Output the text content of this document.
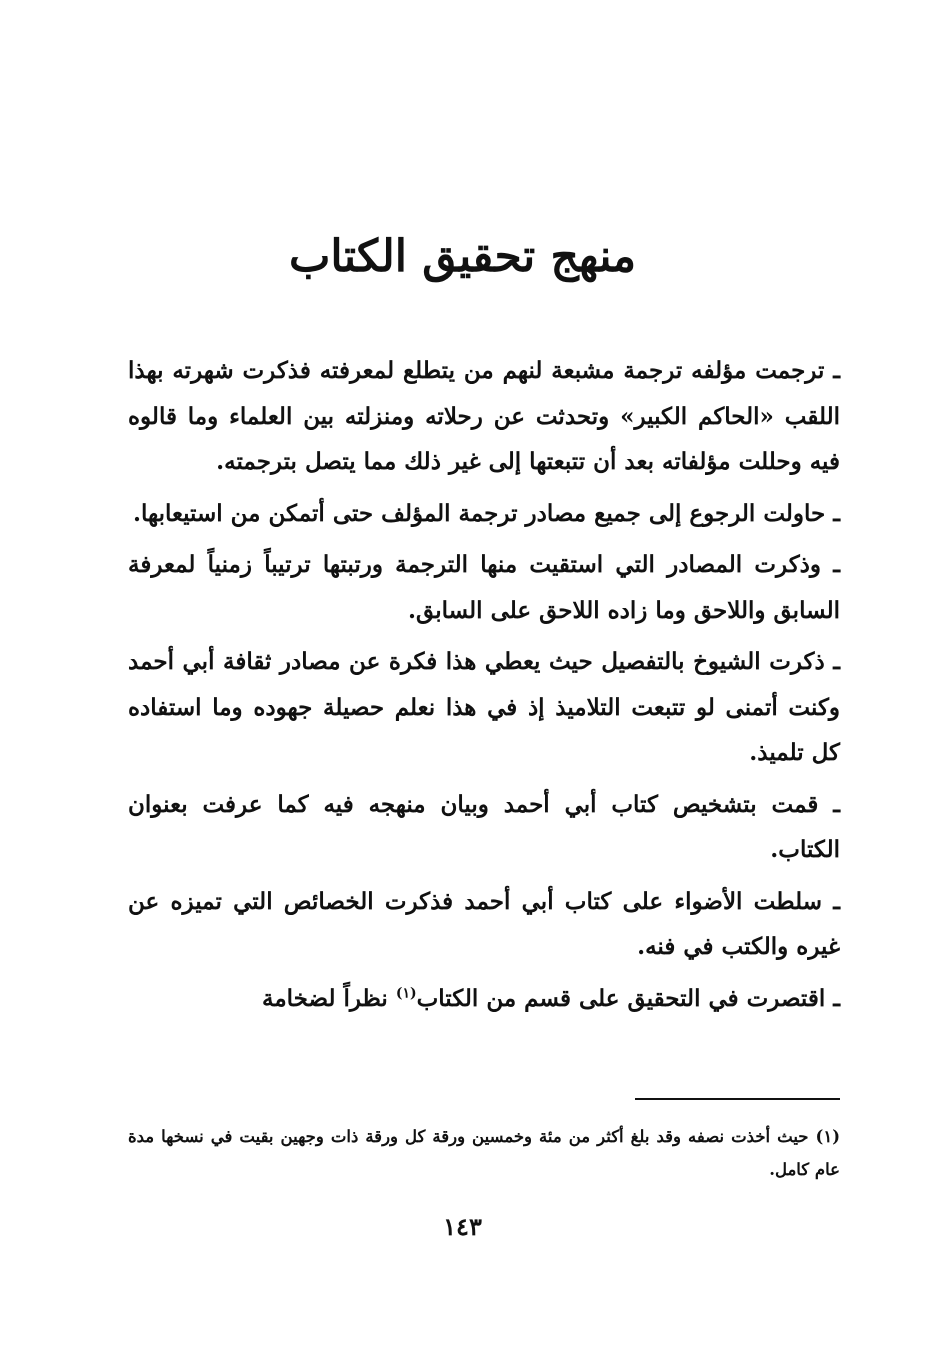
منهج تحقيق الكتاب

ـ ترجمت مؤلفه ترجمة مشبعة لنهم من يتطلع لمعرفته فذكرت شهرته بهذا اللقب «الحاكم الكبير» وتحدثت عن رحلاته ومنزلته بين العلماء وما قالوه فيه وحللت مؤلفاته بعد أن تتبعتها إلى غير ذلك مما يتصل بترجمته.

ـ حاولت الرجوع إلى جميع مصادر ترجمة المؤلف حتى أتمكن من استيعابها.

ـ وذكرت المصادر التي استقيت منها الترجمة ورتبتها ترتيباً زمنياً لمعرفة السابق واللاحق وما زاده اللاحق على السابق.

ـ ذكرت الشيوخ بالتفصيل حيث يعطي هذا فكرة عن مصادر ثقافة أبي أحمد وكنت أتمنى لو تتبعت التلاميذ إذ في هذا نعلم حصيلة جهوده وما استفاده كل تلميذ.

ـ قمت بتشخيص كتاب أبي أحمد وبيان منهجه فيه كما عرفت بعنوان الكتاب.

ـ سلطت الأضواء على كتاب أبي أحمد فذكرت الخصائص التي تميزه عن غيره والكتب في فنه.

ـ اقتصرت في التحقيق على قسم من الكتاب$^{(١)}$ نظراً لضخامة

(١) حيث أخذت نصفه وقد بلغ أكثر من مئة وخمسين ورقة كل ورقة ذات وجهين بقيت في نسخها مدة عام كامل.

١٤٣
